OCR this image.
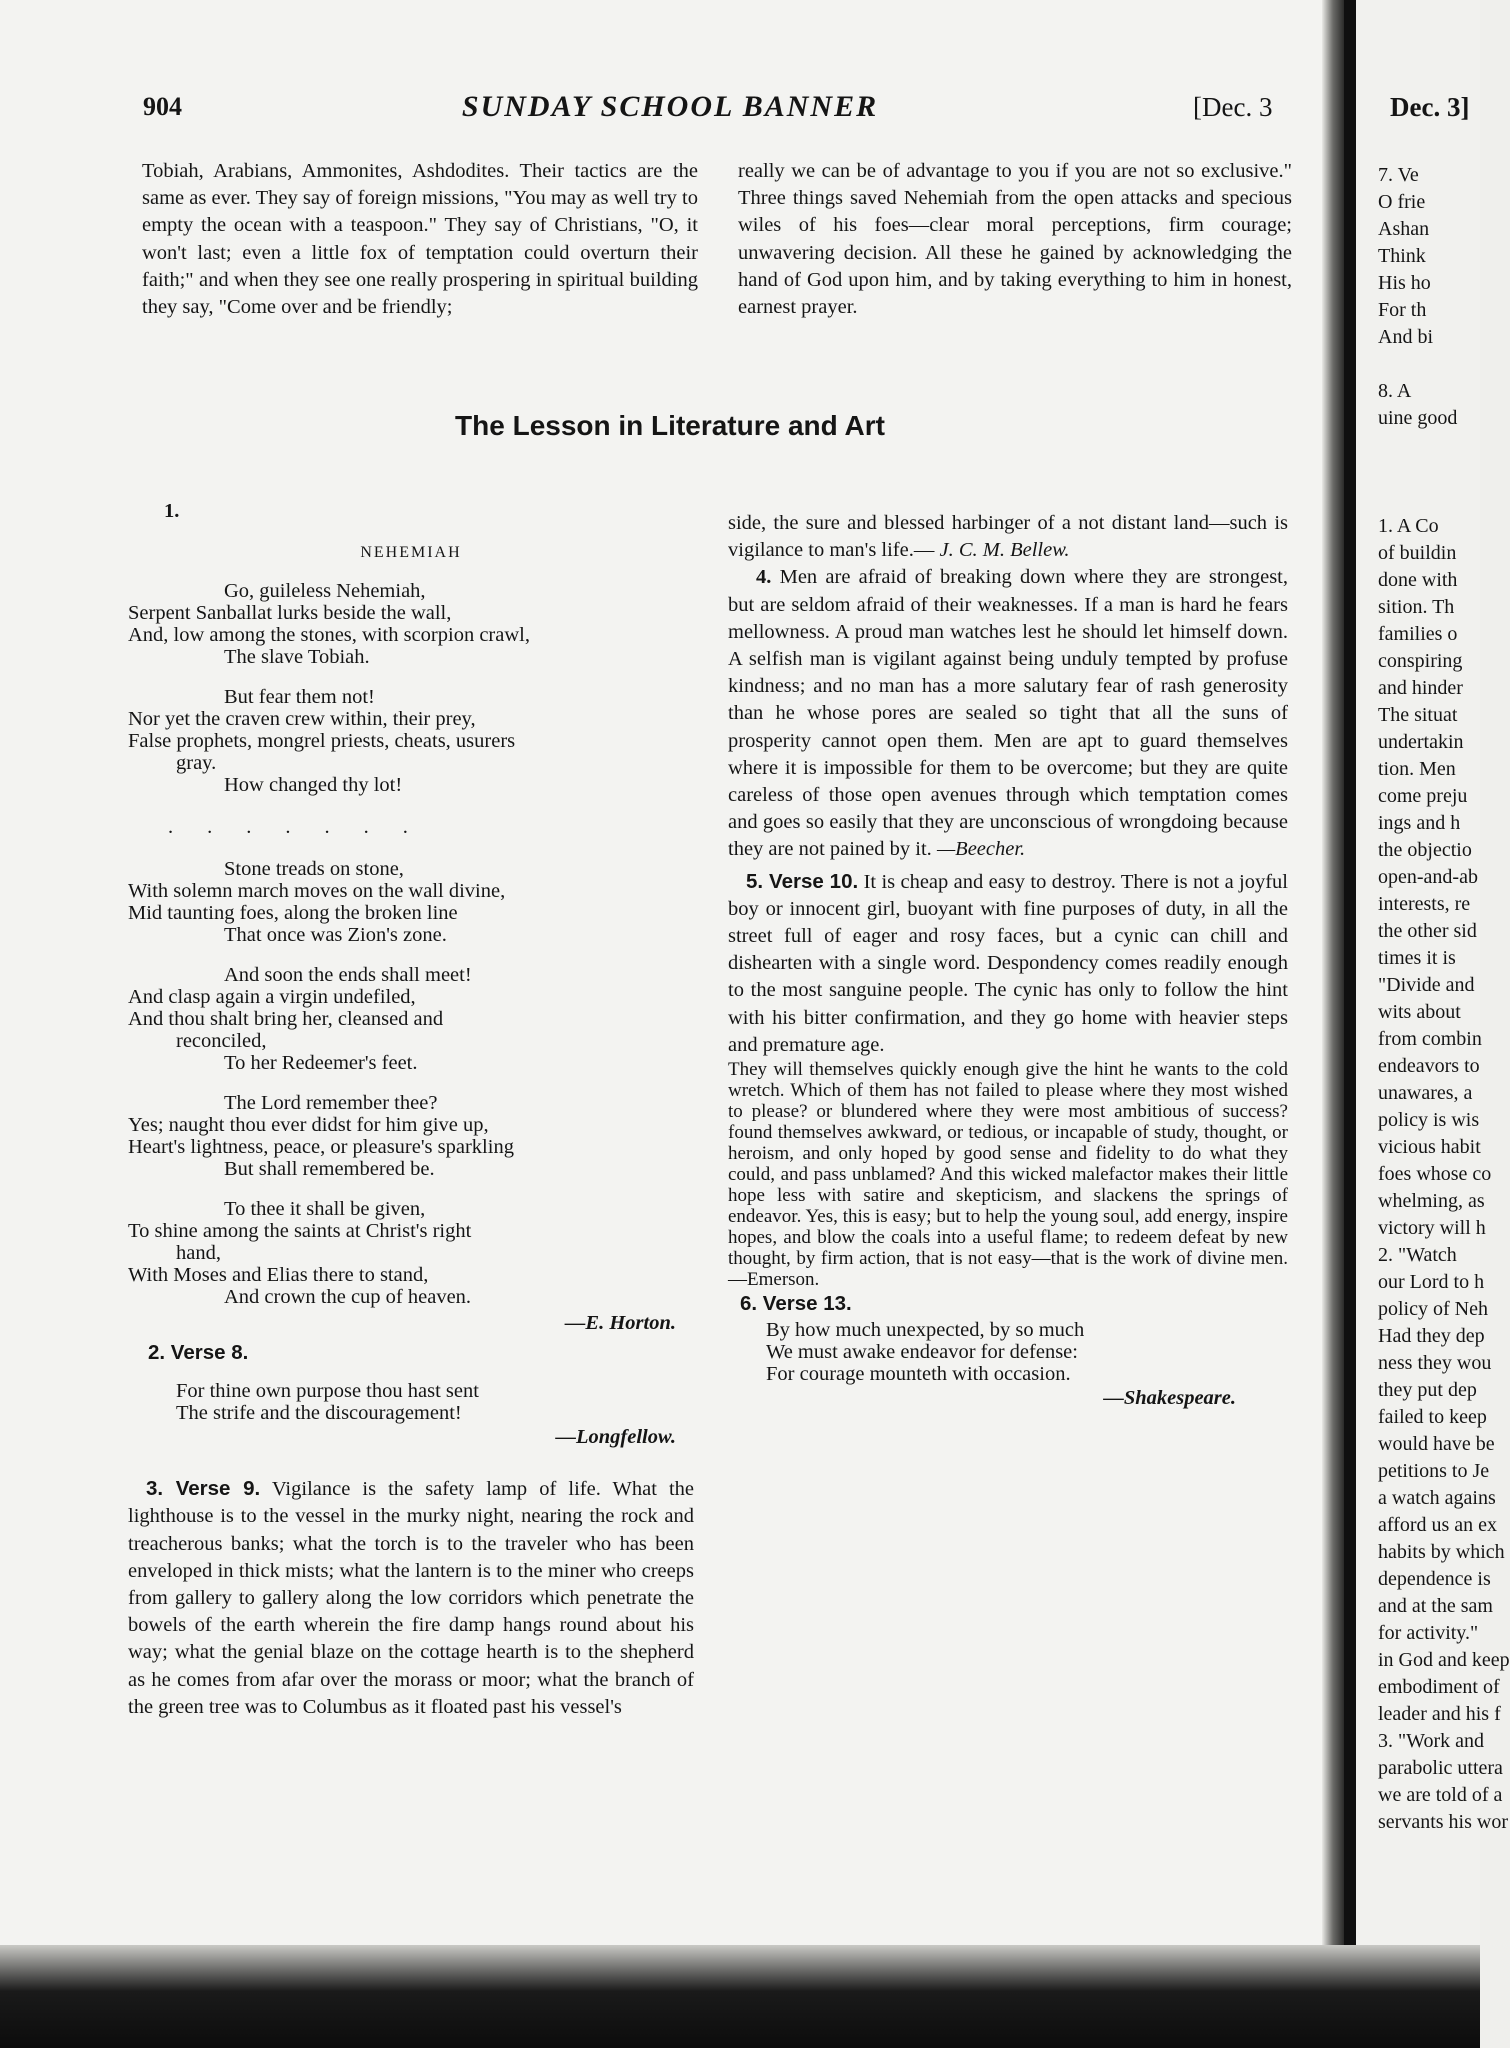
904	SUNDAY SCHOOL BANNER	[Dec. 3

Tobiah, Arabians, Ammonites, Ashdodites. Their tactics are the same as ever. They say of foreign missions, "You may as well try to empty the ocean with a teaspoon." They say of Christians, "O, it won't last; even a little fox of temptation could overturn their faith;" and when they see one really prospering in spiritual building they say, "Come over and be friendly;

really we can be of advantage to you if you are not so exclusive." Three things saved Nehemiah from the open attacks and specious wiles of his foes—clear moral perceptions, firm courage; unwavering decision. All these he gained by acknowledging the hand of God upon him, and by taking everything to him in honest, earnest prayer.

The Lesson in Literature and Art
1.
NEHEMIAH
Go, guileless Nehemiah,
Serpent Sanballat lurks beside the wall,
And, low among the stones, with scorpion crawl,
The slave Tobiah.
But fear them not!
Nor yet the craven crew within, their prey,
False prophets, mongrel priests, cheats, usurers
gray.
How changed thy lot!
.......
Stone treads on stone,
With solemn march moves on the wall divine,
Mid taunting foes, along the broken line
That once was Zion's zone.
And soon the ends shall meet!
And clasp again a virgin undefiled,
And thou shalt bring her, cleansed and
reconciled,
To her Redeemer's feet.
The Lord remember thee?
Yes; naught thou ever didst for him give up,
Heart's lightness, peace, or pleasure's sparkling
But shall remembered be.
To thee it shall be given,
To shine among the saints at Christ's right
hand,
With Moses and Elias there to stand,
And crown the cup of heaven.
—E. Horton.
2. Verse 8.
For thine own purpose thou hast sent
The strife and the discouragement!
—Longfellow.

3. Verse 9. Vigilance is the safety lamp of life. What the lighthouse is to the vessel in the murky night, nearing the rock and treacherous banks; what the torch is to the traveler who has been enveloped in thick mists; what the lantern is to the miner who creeps from gallery to gallery along the low corridors which penetrate the bowels of the earth wherein the fire damp hangs round about his way; what the genial blaze on the cottage hearth is to the shepherd as he comes from afar over the morass or moor; what the branch of the green tree was to Columbus as it floated past his vessel's

side, the sure and blessed harbinger of a not distant land—such is vigilance to man's life.— J. C. M. Bellew.

4. Men are afraid of breaking down where they are strongest, but are seldom afraid of their weaknesses. If a man is hard he fears mellowness. A proud man watches lest he should let himself down. A selfish man is vigilant against being unduly tempted by profuse kindness; and no man has a more salutary fear of rash generosity than he whose pores are sealed so tight that all the suns of prosperity cannot open them. Men are apt to guard themselves where it is impossible for them to be overcome; but they are quite careless of those open avenues through which temptation comes and goes so easily that they are unconscious of wrongdoing because they are not pained by it. —Beecher.

5. Verse 10. It is cheap and easy to destroy. There is not a joyful boy or innocent girl, buoyant with fine purposes of duty, in all the street full of eager and rosy faces, but a cynic can chill and dishearten with a single word. Despondency comes readily enough to the most sanguine people. The cynic has only to follow the hint with his bitter confirmation, and they go home with heavier steps and premature age.

They will themselves quickly enough give the hint he wants to the cold wretch. Which of them has not failed to please where they most wished to please? or blundered where they were most ambitious of success? found themselves awkward, or tedious, or incapable of study, thought, or heroism, and only hoped by good sense and fidelity to do what they could, and pass unblamed? And this wicked malefactor makes their little hope less with satire and skepticism, and slackens the springs of endeavor. Yes, this is easy; but to help the young soul, add energy, inspire hopes, and blow the coals into a useful flame; to redeem defeat by new thought, by firm action, that is not easy—that is the work of divine men.—Emerson.

6. Verse 13.
By how much unexpected, by so much
We must awake endeavor for defense:
For courage mounteth with occasion.
—Shakespeare.
Dec. 3]
7. Ve
O frie
Ashan
Think
His ho
For th
And bi
8. A
uine good
1. A Co
of buildin
done with
sition. Th
families o
conspiring
and hinder
The situat
undertakin
tion. Men
come preju
ings and h
the objectio
open-and-ab
interests, re
the other sid
times it is
"Divide and
wits about
from combin
endeavors to
unawares, a
policy is wis
vicious habit
foes whose co
whelming, as
victory will h
2. "Watch
our Lord to h
policy of Neh
Had they dep
ness they wou
they put dep
failed to keep
would have be
petitions to Je
a watch agains
afford us an ex
habits by which
dependence is
and at the sam
for activity."
in God and keep
embodiment of
leader and his f
3. "Work and
parabolic uttera
we are told of a
servants his wor
